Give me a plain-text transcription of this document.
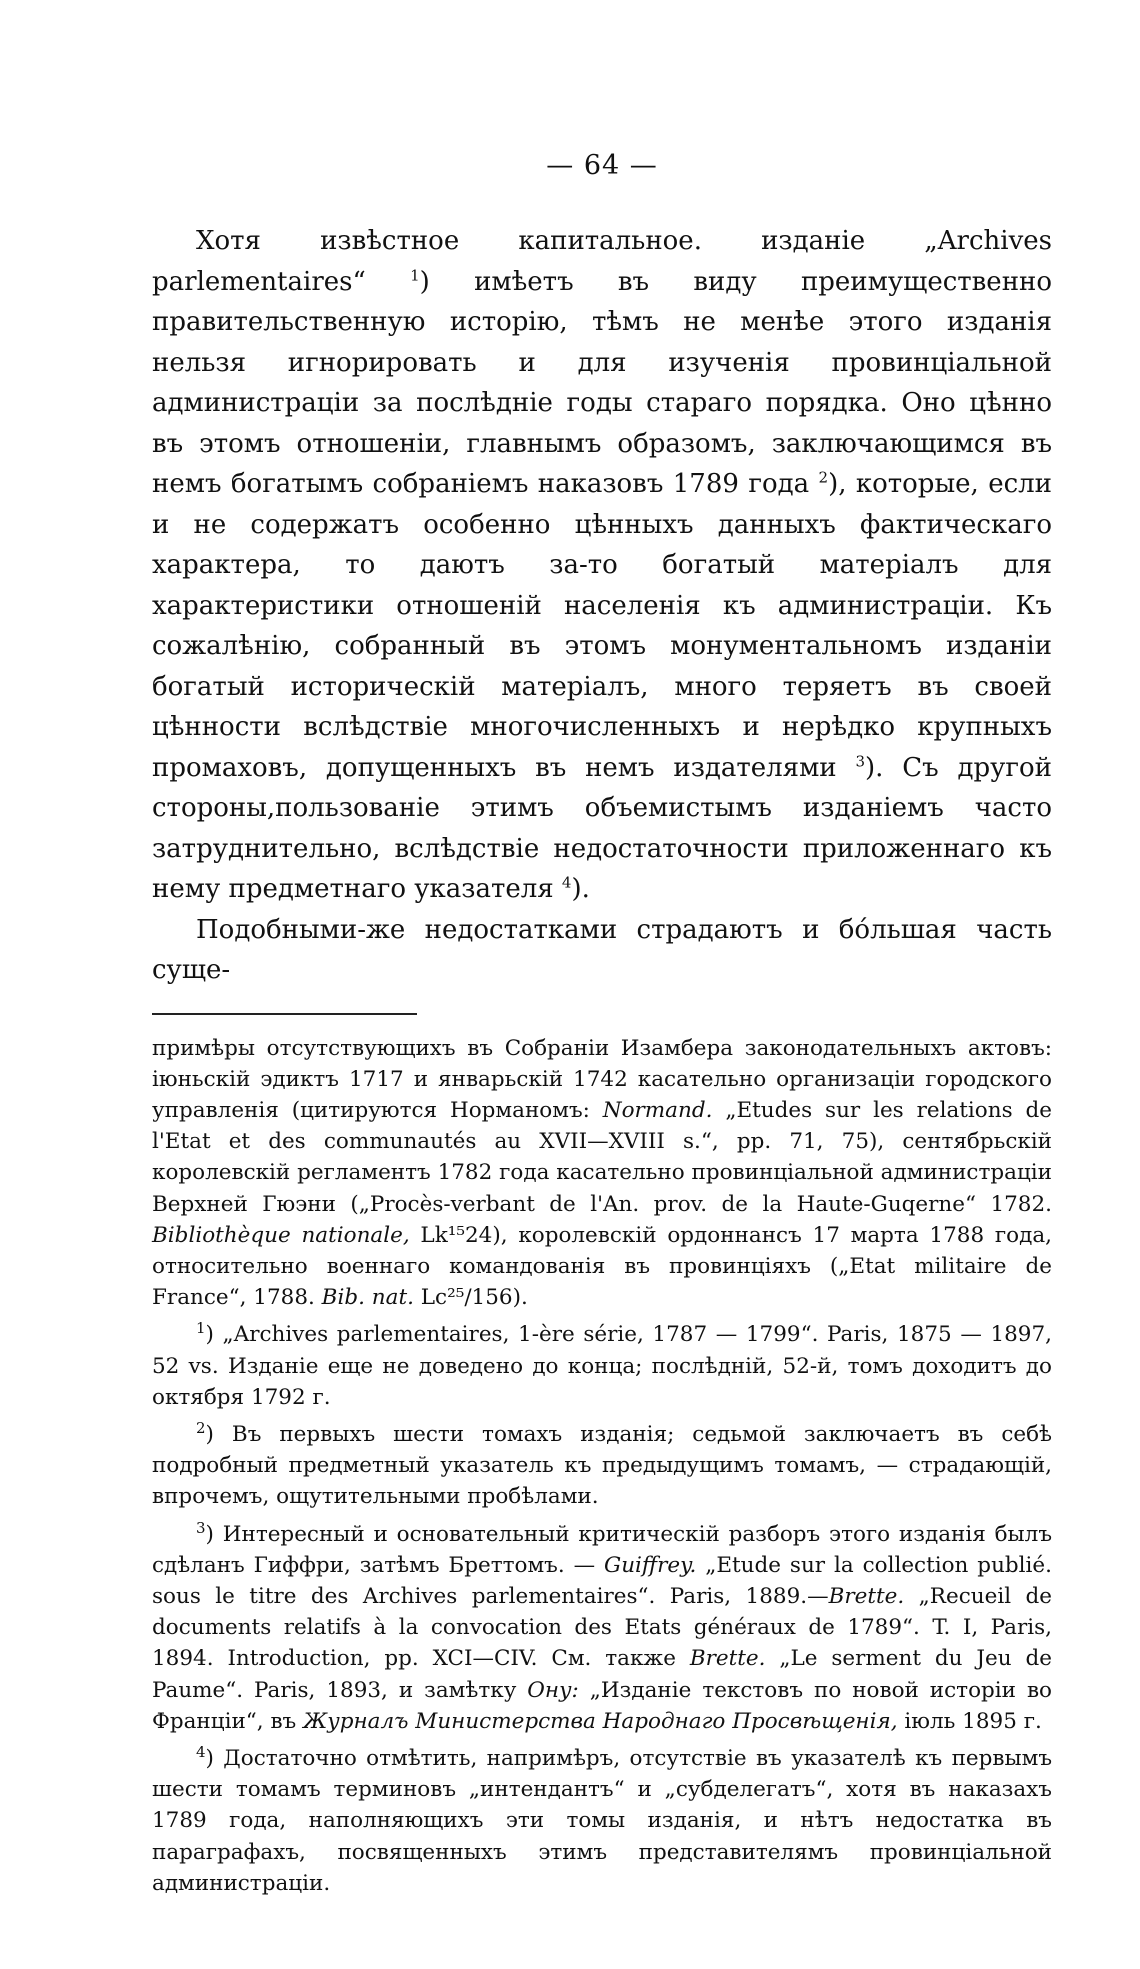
— 64 —

Хотя извѣстное капитальное. изданіе „Archives parlementaires“ $^1$) имѣетъ въ виду преимущественно правительственную исторію, тѣмъ не менѣе этого изданія нельзя игнорировать и для изученія провинціальной администраціи за послѣдніе годы стараго порядка. Оно цѣнно въ этомъ отношеніи, главнымъ образомъ, заключающимся въ немъ богатымъ собраніемъ наказовъ 1789 года $^2$), которые, если и не содержатъ особенно цѣнныхъ данныхъ фактическаго характера, то даютъ за-то богатый матеріалъ для характеристики отношеній населенія къ администраціи. Къ сожалѣнію, собранный въ этомъ монументальномъ изданіи богатый историческій матеріалъ, много теряетъ въ своей цѣнности вслѣдствіе многочисленныхъ и нерѣдко крупныхъ промаховъ, допущенныхъ въ немъ издателями $^3$). Съ другой стороны,пользованіе этимъ объемистымъ изданіемъ часто затруднительно, вслѣдствіе недостаточности приложеннаго къ нему предметнаго указателя $^4$).

Подобными-же недостатками страдаютъ и бо́льшая часть суще-

примѣры отсутствующихъ въ Собраніи Изамбера законодательныхъ актовъ: іюньскій эдиктъ 1717 и январьскій 1742 касательно организаціи городского управленія (цитируются Норманомъ: Normand. „Etudes sur les relations de l'Etat et des communautés au XVII—XVIII s.“, pp. 71, 75), сентябрьскій королевскій регламентъ 1782 года касательно провинціальной администраціи Верхней Гюэни („Procès-verbant de l'An. prov. de la Haute-Guqerne“ 1782. Bibliothèque nationale, Lk¹⁵24), королевскій ордоннансъ 17 марта 1788 года, относительно военнаго командованія въ провинціяхъ („Etat militaire de France“, 1788. Bib. nat. Lc²⁵/156).

$^1$) „Archives parlementaires, 1-ère série, 1787 — 1799“. Paris, 1875 — 1897, 52 vs. Изданіе еще не доведено до конца; послѣдній, 52-й, томъ доходитъ до октября 1792 г.

$^2$) Въ первыхъ шести томахъ изданія; седьмой заключаетъ въ себѣ подробный предметный указатель къ предыдущимъ томамъ, — страдающій, впрочемъ, ощутительными пробѣлами.

$^3$) Интересный и основательный критическій разборъ этого изданія былъ сдѣланъ Гиффри, затѣмъ Бреттомъ. — Guiffrey. „Etude sur la collection publié. sous le titre des Archives parlementaires“. Paris, 1889.—Brette. „Recueil de documents relatifs à la convocation des Etats généraux de 1789“. T. I, Paris, 1894. Introduction, pp. XCI—CIV. См. также Brette. „Le serment du Jeu de Paume“. Paris, 1893, и замѣтку Ону: „Изданіе текстовъ по новой исторіи во Франціи“, въ Журналъ Министерства Народнаго Просвѣщенія, іюль 1895 г.

$^4$) Достаточно отмѣтить, напримѣръ, отсутствіе въ указателѣ къ первымъ шести томамъ терминовъ „интендантъ“ и „субделегатъ“, хотя въ наказахъ 1789 года, наполняющихъ эти томы изданія, и нѣтъ недостатка въ параграфахъ, посвященныхъ этимъ представителямъ провинціальной администраціи.
